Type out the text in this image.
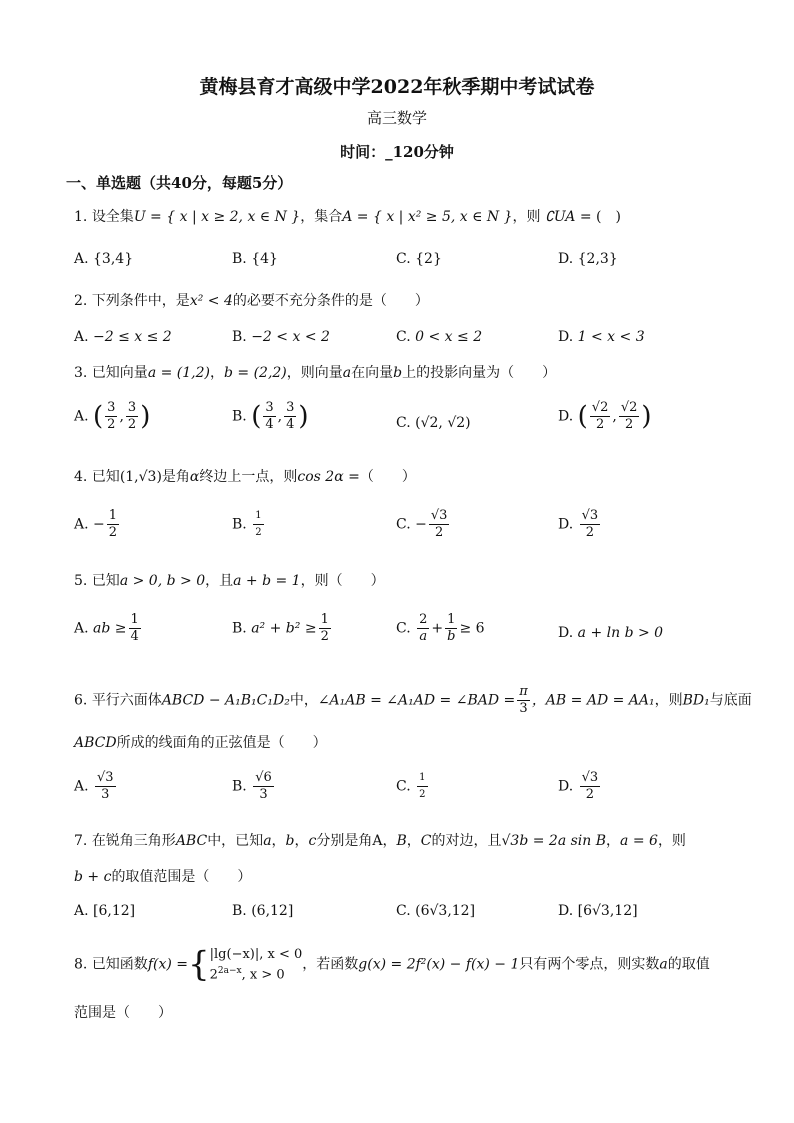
黄梅县育才高级中学2022年秋季期中考试试卷
高三数学
时间：_120分钟
一、单选题（共40分，每题5分）
1. 设全集U = { x | x ≥ 2, x ∈ N }，集合A = { x | x² ≥ 5, x ∈ N }，则 ∁UA = (　)
A. {3,4}	B. {4}	C. {2}	D. {2,3}
2. 下列条件中，是x² < 4的必要不充分条件的是（　　）
A. −2 ≤ x ≤ 2	B. −2 < x < 2	C. 0 < x ≤ 2	D. 1 < x < 3
3. 已知向量a = (1,2)，b = (2,2)，则向量a在向量b上的投影向量为（　　）
A. ( $\frac{3}{2}$ , $\frac{3}{2}$ )	B. ( $\frac{3}{4}$ , $\frac{3}{4}$ )	C. (√2, √2)	D. ( $\frac{√2}{2}$ , $\frac{√2}{2}$ )
4. 已知(1,√3)是角α终边上一点，则cos 2α =（　　）
A. − $\frac{1}{2}$	B. $\frac{1}{2}$	C. − $\frac{√3}{2}$	D. $\frac{√3}{2}$
5. 已知a > 0, b > 0，且a + b = 1，则（　　）
A. ab ≥ $\frac{1}{4}$	B. $a^2 + b^2 \ge \frac{1}{2}$	C. $\frac{2}{a} + \frac{1}{b} \ge 6$	D. a + ln b > 0
6. 平行六面体ABCD − A₁B₁C₁D₂中，∠A₁AB = ∠A₁AD = ∠BAD = $\frac{\pi}{3}$ ，AB = AD = AA₁，则BD₁与底面
ABCD所成的线面角的正弦值是（　　）
A. $\frac{√3}{3}$	B. $\frac{√6}{3}$	C. $\frac{1}{2}$	D. $\frac{√3}{2}$
7. 在锐角三角形ABC中，已知a，b，c分别是角A，B，C的对边，且√3b = 2a sin B，a = 6，则
b + c的取值范围是（　　）
A. [6,12]	B. (6,12]	C. (6√3,12]	D. [6√3,12]
8. 已知函数f(x) ={|lg(−x)|, x < 0
$2^{2a-x}$, x > 0，若函数g(x) = 2f²(x) − f(x) − 1只有两个零点，则实数a的取值
范围是（　　）
